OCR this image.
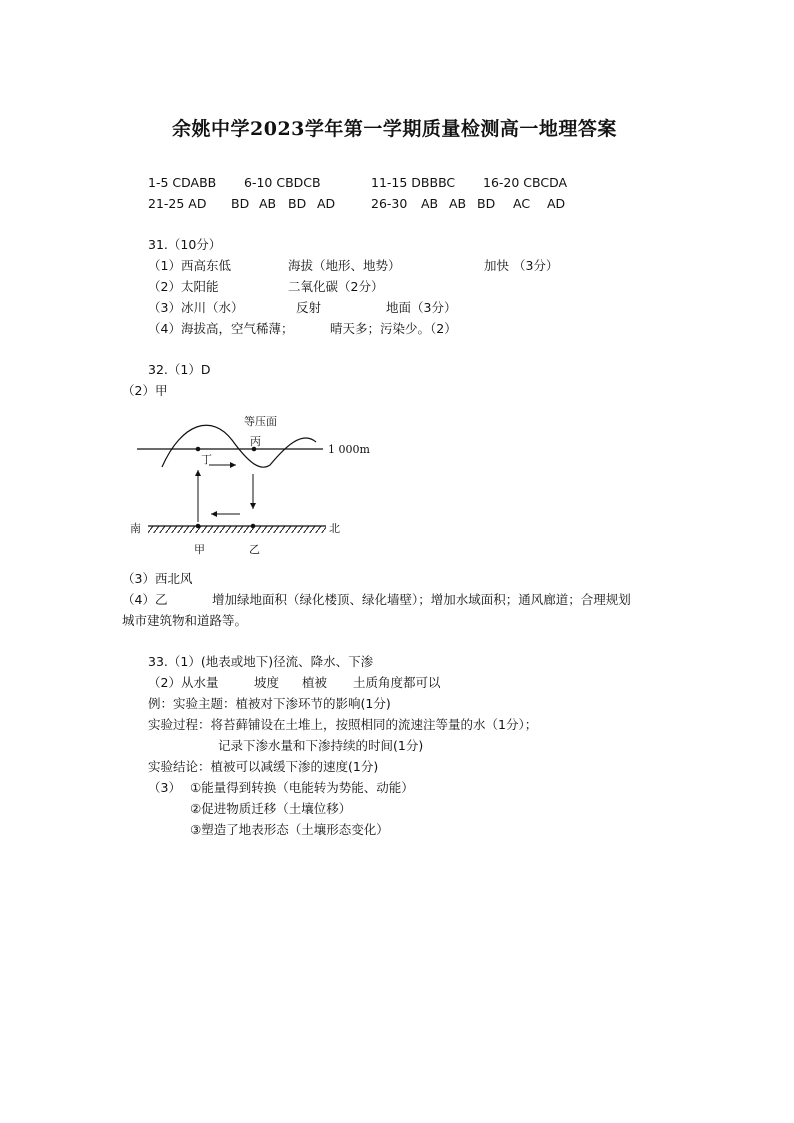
余姚中学2023学年第一学期质量检测高一地理答案
1-5 CDABB 6-10 CBDCB	11-15 DBBBC 16-20 CBCDA
21-25 AD BD AB BD AD	26-30 AB AB BD AC AD
31.（10分）
（1）西高东低	海拔（地形、地势）	加快 （3分）
（2）太阳能	二氧化碳（2分）
（3）冰川（水）	反射	地面（3分）
（4）海拔高，空气稀薄；	晴天多；污染少。（2）
32.（1）D
（2）甲
等压面
1 000m
丙
丁
南	北
甲	乙
（3）西北风
（4）乙	增加绿地面积（绿化楼顶、绿化墙壁）；增加水域面积；通风廊道；合理规划
城市建筑物和道路等。
33.（1）(地表或地下)径流、降水、下渗
（2）从水量	坡度 植被 土质角度都可以
例：实验主题：植被对下渗环节的影响(1分)
实验过程：将苔藓铺设在土堆上，按照相同的流速注等量的水（1分）；
记录下渗水量和下渗持续的时间(1分)
实验结论：植被可以减缓下渗的速度(1分)
（3） ①能量得到转换（电能转为势能、动能）
②促进物质迁移（土壤位移）
③塑造了地表形态（土壤形态变化）
